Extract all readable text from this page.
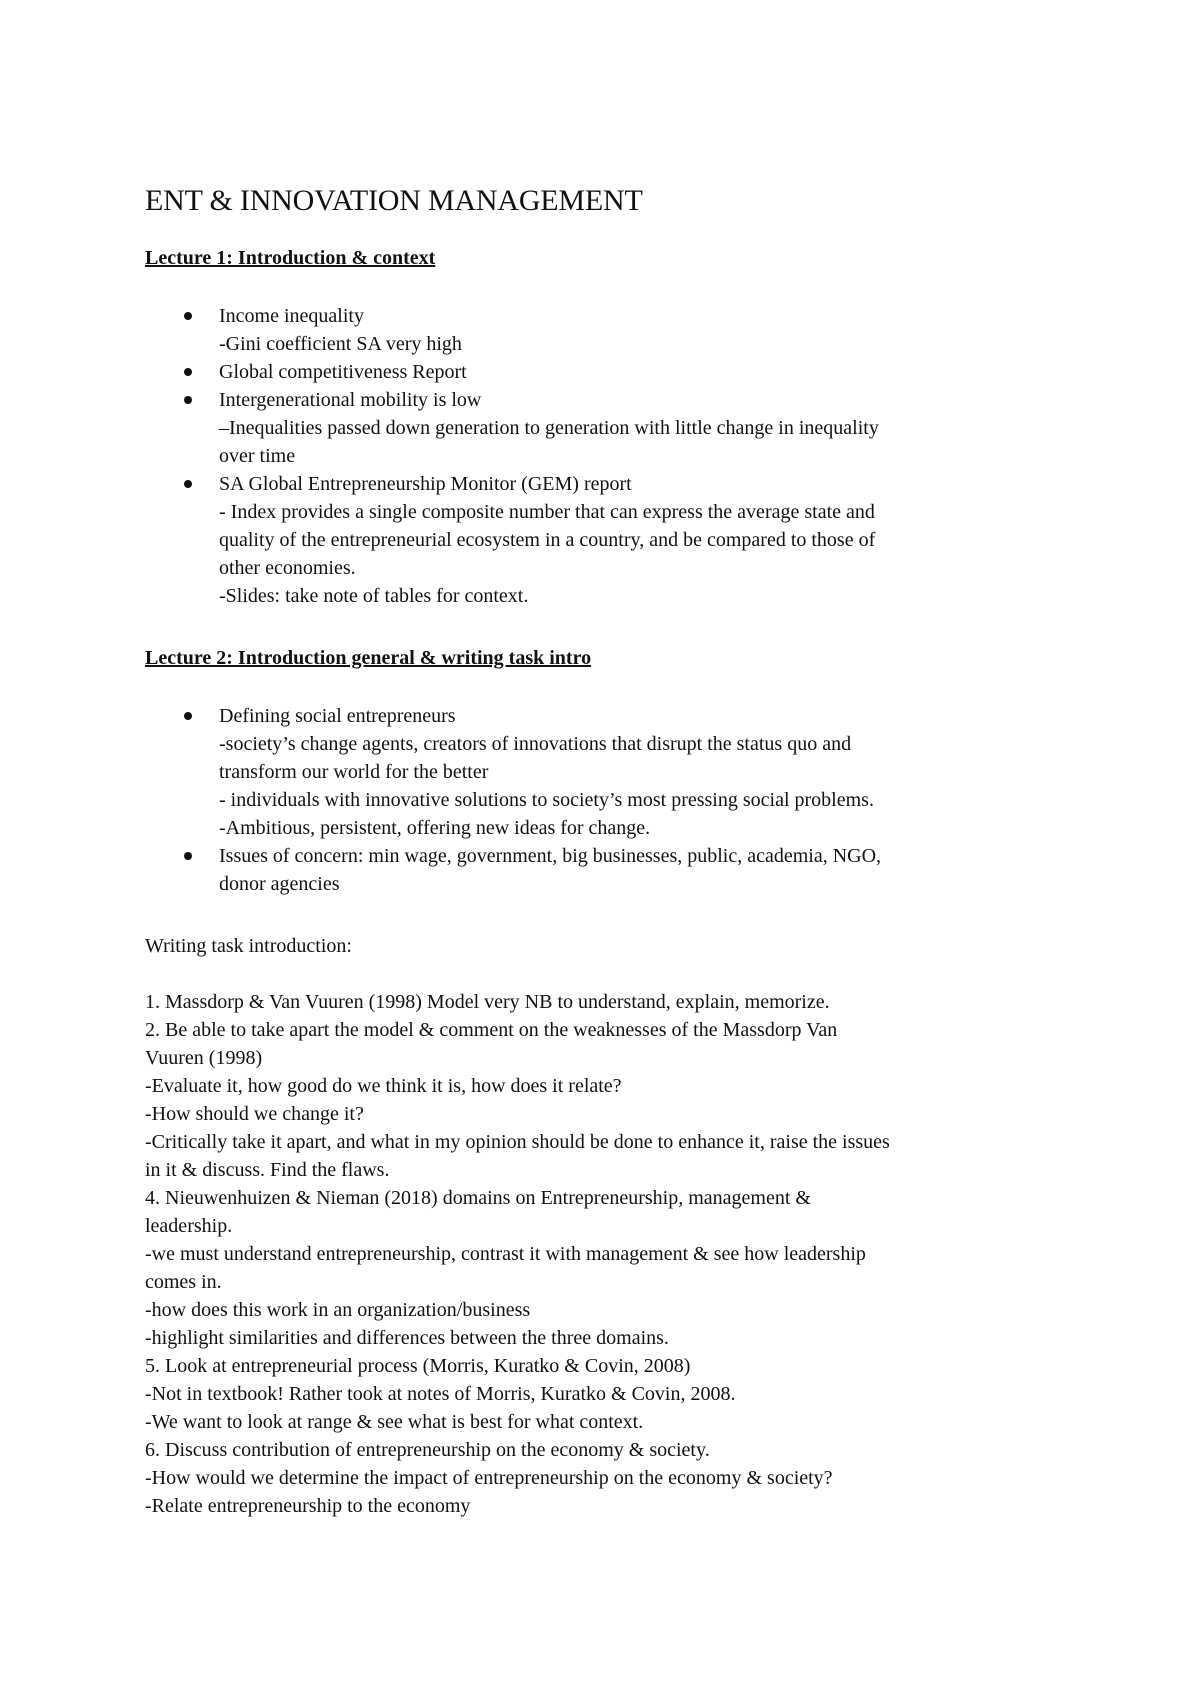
ENT & INNOVATION MANAGEMENT
Lecture 1: Introduction & context
Income inequality
-Gini coefficient SA very high
Global competitiveness Report
Intergenerational mobility is low
–Inequalities passed down generation to generation with little change in inequality
over time
SA Global Entrepreneurship Monitor (GEM) report
- Index provides a single composite number that can express the average state and
quality of the entrepreneurial ecosystem in a country, and be compared to those of
other economies.
-Slides: take note of tables for context.
Lecture 2: Introduction general & writing task intro
Defining social entrepreneurs
-society’s change agents, creators of innovations that disrupt the status quo and
transform our world for the better
- individuals with innovative solutions to society’s most pressing social problems.
-Ambitious, persistent, offering new ideas for change.
Issues of concern: min wage, government, big businesses, public, academia, NGO,
donor agencies

Writing task introduction:

1. Massdorp & Van Vuuren (1998) Model very NB to understand, explain, memorize.
2. Be able to take apart the model & comment on the weaknesses of the Massdorp Van
Vuuren (1998)
-Evaluate it, how good do we think it is, how does it relate?
-How should we change it?
-Critically take it apart, and what in my opinion should be done to enhance it, raise the issues
in it & discuss. Find the flaws.
4. Nieuwenhuizen & Nieman (2018) domains on Entrepreneurship, management &
leadership.
-we must understand entrepreneurship, contrast it with management & see how leadership
comes in.
-how does this work in an organization/business
-highlight similarities and differences between the three domains.
5. Look at entrepreneurial process (Morris, Kuratko & Covin, 2008)
-Not in textbook! Rather took at notes of Morris, Kuratko & Covin, 2008.
-We want to look at range & see what is best for what context.
6. Discuss contribution of entrepreneurship on the economy & society.
-How would we determine the impact of entrepreneurship on the economy & society?
-Relate entrepreneurship to the economy
